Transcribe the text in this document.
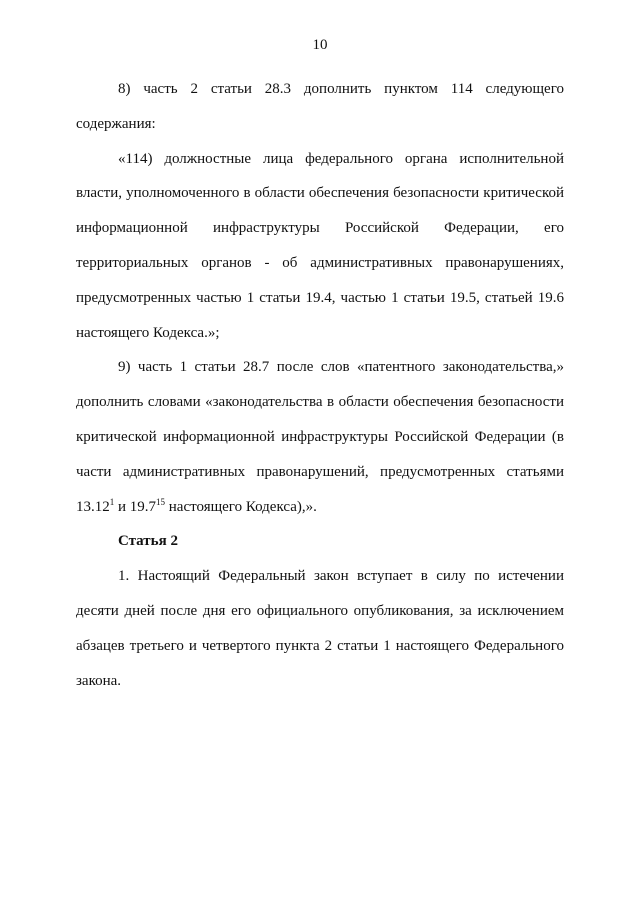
10

8) часть 2 статьи 28.3 дополнить пунктом 114 следующего содержания:

«114) должностные лица федерального органа исполнительной власти, уполномоченного в области обеспечения безопасности критической информационной инфраструктуры Российской Федерации, его территориальных органов - об административных правонарушениях, предусмотренных частью 1 статьи 19.4, частью 1 статьи 19.5, статьей 19.6 настоящего Кодекса.»;

9) часть 1 статьи 28.7 после слов «патентного законодательства,» дополнить словами «законодательства в области обеспечения безопасности критической информационной инфраструктуры Российской Федерации (в части административных правонарушений, предусмотренных статьями 13.12$^1$ и 19.7$^{15}$ настоящего Кодекса),».

Статья 2

1. Настоящий Федеральный закон вступает в силу по истечении десяти дней после дня его официального опубликования, за исключением абзацев третьего и четвертого пункта 2 статьи 1 настоящего Федерального закона.
